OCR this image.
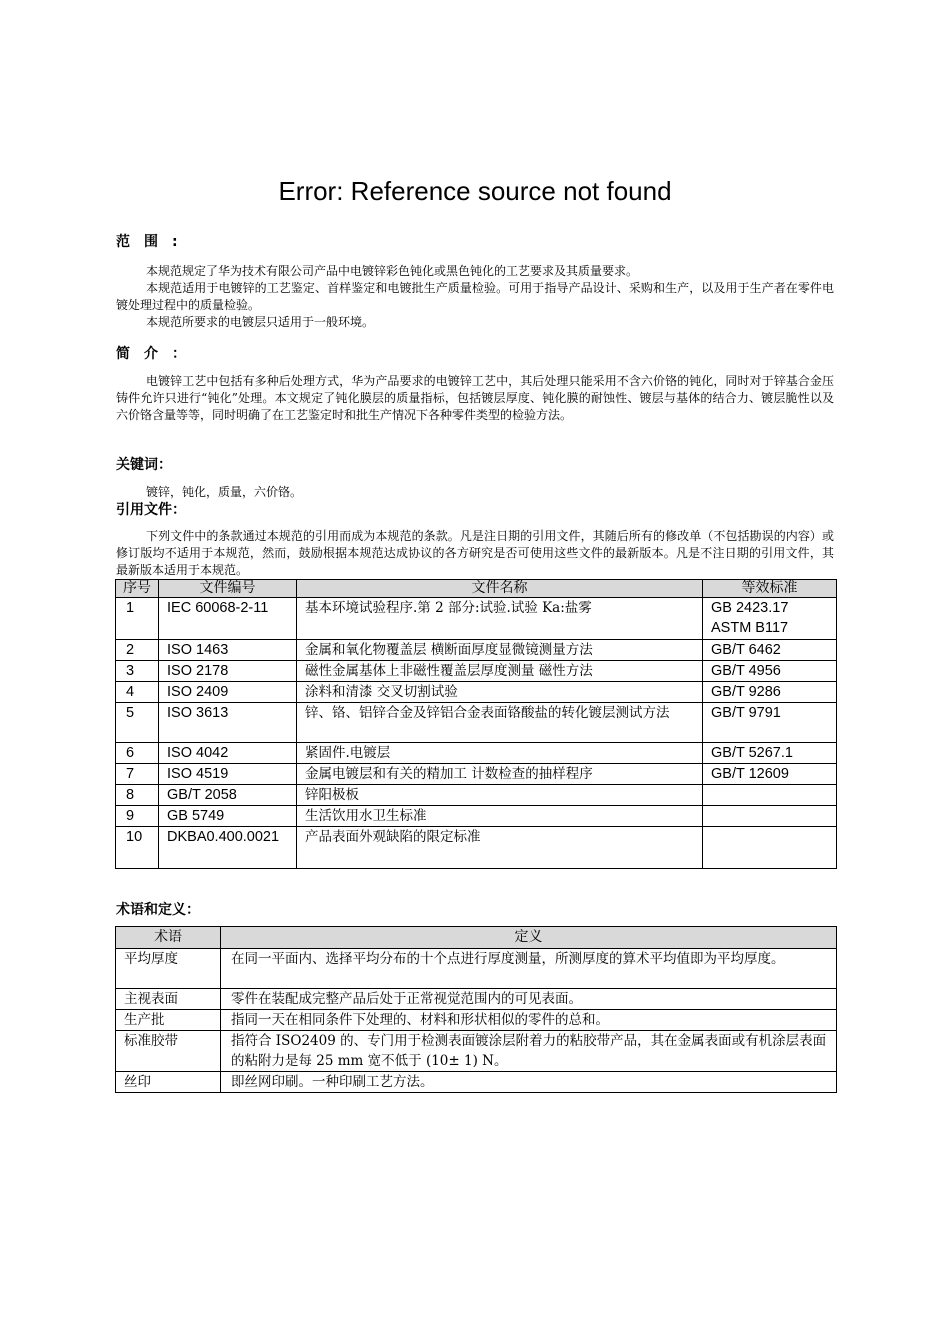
Error: Reference source not found
范围:

本规范规定了华为技术有限公司产品中电镀锌彩色钝化或黑色钝化的工艺要求及其质量要求。

本规范适用于电镀锌的工艺鉴定、首样鉴定和电镀批生产质量检验。可用于指导产品设计、采购和生产，以及用于生产者在零件电镀处理过程中的质量检验。

本规范所要求的电镀层只适用于一般环境。

简介：

电镀锌工艺中包括有多种后处理方式，华为产品要求的电镀锌工艺中，其后处理只能采用不含六价铬的钝化，同时对于锌基合金压铸件允许只进行“钝化”处理。本文规定了钝化膜层的质量指标，包括镀层厚度、钝化膜的耐蚀性、镀层与基体的结合力、镀层脆性以及六价铬含量等等，同时明确了在工艺鉴定时和批生产情况下各种零件类型的检验方法。

关键词：

镀锌，钝化，质量，六价铬。

引用文件：

下列文件中的条款通过本规范的引用而成为本规范的条款。凡是注日期的引用文件，其随后所有的修改单（不包括勘误的内容）或修订版均不适用于本规范，然而，鼓励根据本规范达成协议的各方研究是否可使用这些文件的最新版本。凡是不注日期的引用文件，其最新版本适用于本规范。

序号	文件编号	文件名称	等效标准
1	IEC 60068-2-11	基本环境试验程序.第 2 部分:试验.试验 Ka:盐雾	GB 2423.17 ASTM B117
2	ISO 1463	金属和氧化物覆盖层 横断面厚度显微镜测量方法	GB/T 6462
3	ISO 2178	磁性金属基体上非磁性覆盖层厚度测量 磁性方法	GB/T 4956
4	ISO 2409	涂料和清漆 交叉切割试验	GB/T 9286
5	ISO 3613	锌、铬、铝锌合金及锌铝合金表面铬酸盐的转化镀层测试方法	GB/T 9791
6	ISO 4042	紧固件.电镀层	GB/T 5267.1
7	ISO 4519	金属电镀层和有关的精加工 计数检查的抽样程序	GB/T 12609
8	GB/T 2058	锌阳极板	
9	GB 5749	生活饮用水卫生标准	
10	DKBA0.400.0021	产品表面外观缺陷的限定标准	
术语和定义：
术语	定义
平均厚度	在同一平面内、选择平均分布的十个点进行厚度测量，所测厚度的算术平均值即为平均厚度。
主视表面	零件在装配成完整产品后处于正常视觉范围内的可见表面。
生产批	指同一天在相同条件下处理的、材料和形状相似的零件的总和。
标准胶带	指符合 ISO2409 的、专门用于检测表面镀涂层附着力的粘胶带产品，其在金属表面或有机涂层表面的粘附力是每 25 mm 宽不低于 (10± 1) N。
丝印	即丝网印刷。一种印刷工艺方法。
